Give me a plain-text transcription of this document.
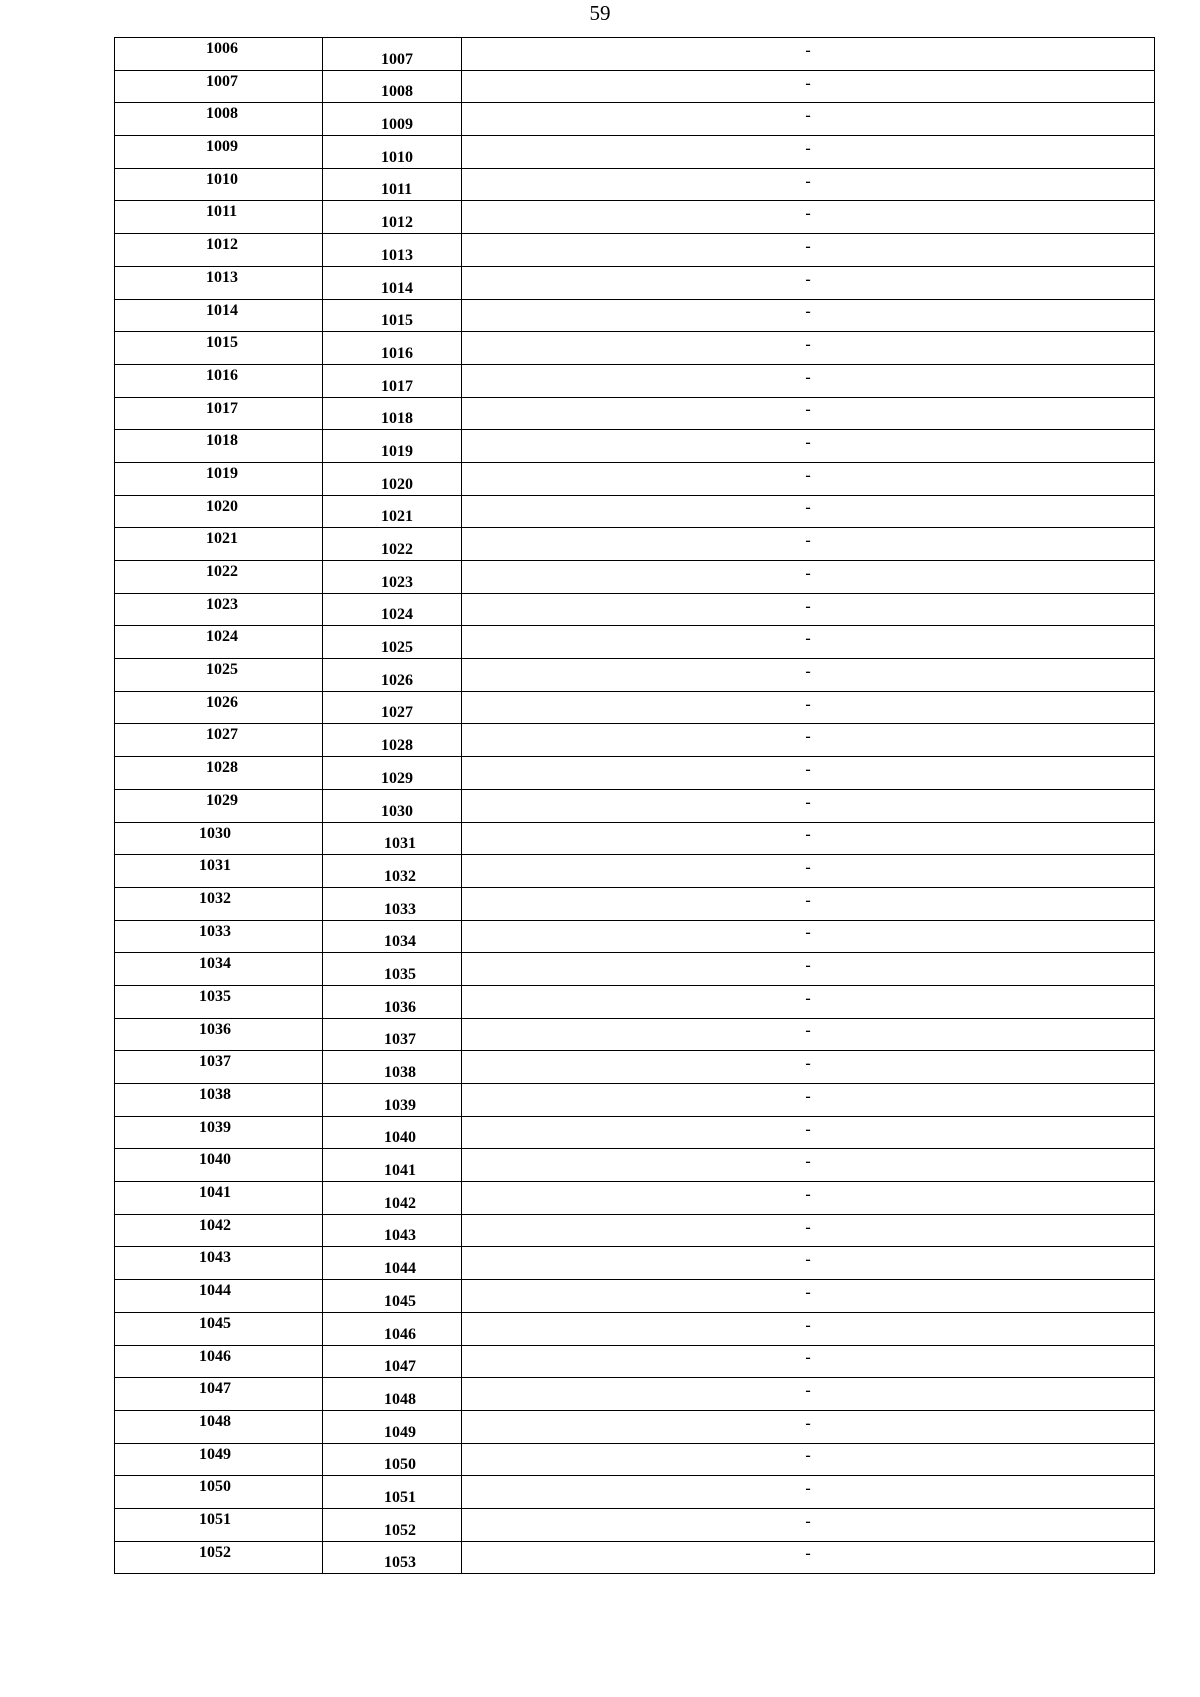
59
1006	1007	-
1007	1008	-
1008	1009	-
1009	1010	-
1010	1011	-
1011	1012	-
1012	1013	-
1013	1014	-
1014	1015	-
1015	1016	-
1016	1017	-
1017	1018	-
1018	1019	-
1019	1020	-
1020	1021	-
1021	1022	-
1022	1023	-
1023	1024	-
1024	1025	-
1025	1026	-
1026	1027	-
1027	1028	-
1028	1029	-
1029	1030	-
1030	1031	-
1031	1032	-
1032	1033	-
1033	1034	-
1034	1035	-
1035	1036	-
1036	1037	-
1037	1038	-
1038	1039	-
1039	1040	-
1040	1041	-
1041	1042	-
1042	1043	-
1043	1044	-
1044	1045	-
1045	1046	-
1046	1047	-
1047	1048	-
1048	1049	-
1049	1050	-
1050	1051	-
1051	1052	-
1052	1053	-
